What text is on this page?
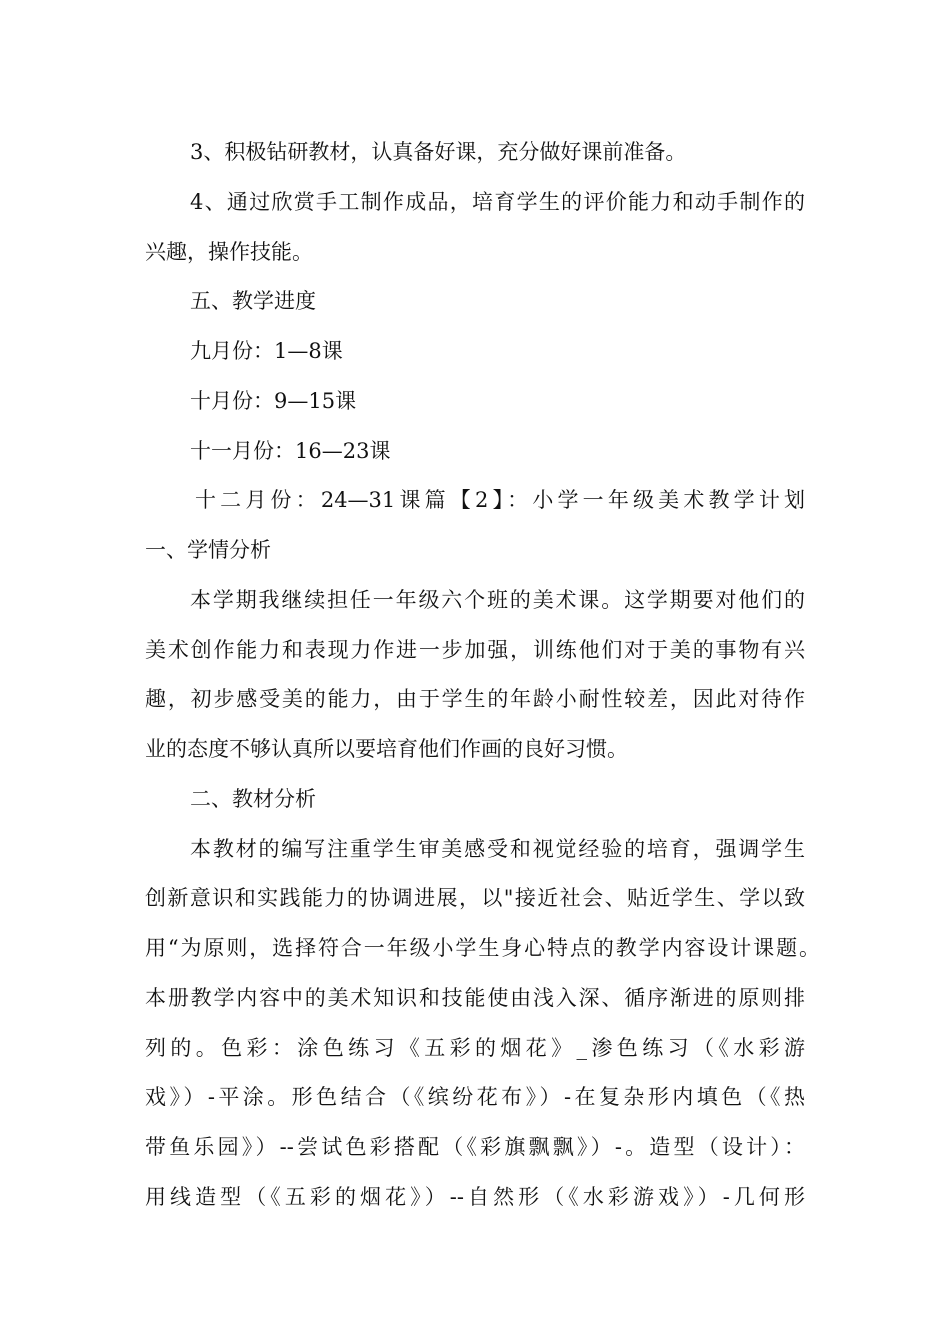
3、积极钻研教材，认真备好课，充分做好课前准备。
4、通过欣赏手工制作成品，培育学生的评价能力和动手制作的
兴趣，操作技能。
五、教学进度
九月份：1—8课
十月份：9—15课
十一月份：16—23课
十二月份：24—31课篇【2】：小学一年级美术教学计划
一、学情分析
本学期我继续担任一年级六个班的美术课。这学期要对他们的
美术创作能力和表现力作进一步加强，训练他们对于美的事物有兴
趣，初步感受美的能力，由于学生的年龄小耐性较差，因此对待作
业的态度不够认真所以要培育他们作画的良好习惯。
二、教材分析
本教材的编写注重学生审美感受和视觉经验的培育，强调学生
创新意识和实践能力的协调进展，以"接近社会、贴近学生、学以致
用“为原则，选择符合一年级小学生身心特点的教学内容设计课题。
本册教学内容中的美术知识和技能使由浅入深、循序渐进的原则排
列的。色彩：涂色练习《五彩的烟花》_渗色练习（《水彩游
戏》）-平涂。形色结合（《缤纷花布》）-在复杂形内填色（《热
带鱼乐园》）--尝试色彩搭配（《彩旗飘飘》）-。造型（设计）：
用线造型（《五彩的烟花》）--自然形（《水彩游戏》）-几何形
